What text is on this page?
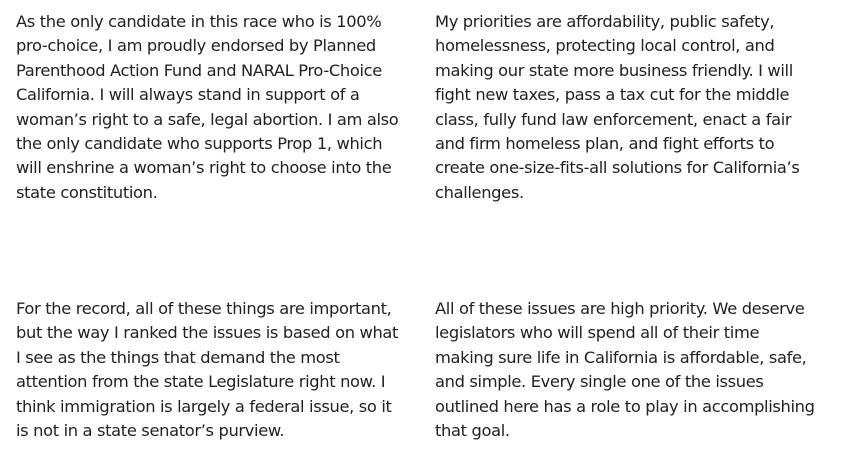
As the only candidate in this race who is 100%
pro-choice, I am proudly endorsed by Planned
Parenthood Action Fund and NARAL Pro-Choice
California. I will always stand in support of a
woman’s right to a safe, legal abortion. I am also
the only candidate who supports Prop 1, which
will enshrine a woman’s right to choose into the
state constitution.
My priorities are affordability, public safety,
homelessness, protecting local control, and
making our state more business friendly. I will
fight new taxes, pass a tax cut for the middle
class, fully fund law enforcement, enact a fair
and firm homeless plan, and fight efforts to
create one-size-fits-all solutions for California’s
challenges.
For the record, all of these things are important,
but the way I ranked the issues is based on what
I see as the things that demand the most
attention from the state Legislature right now. I
think immigration is largely a federal issue, so it
is not in a state senator’s purview.
All of these issues are high priority. We deserve
legislators who will spend all of their time
making sure life in California is affordable, safe,
and simple. Every single one of the issues
outlined here has a role to play in accomplishing
that goal.
